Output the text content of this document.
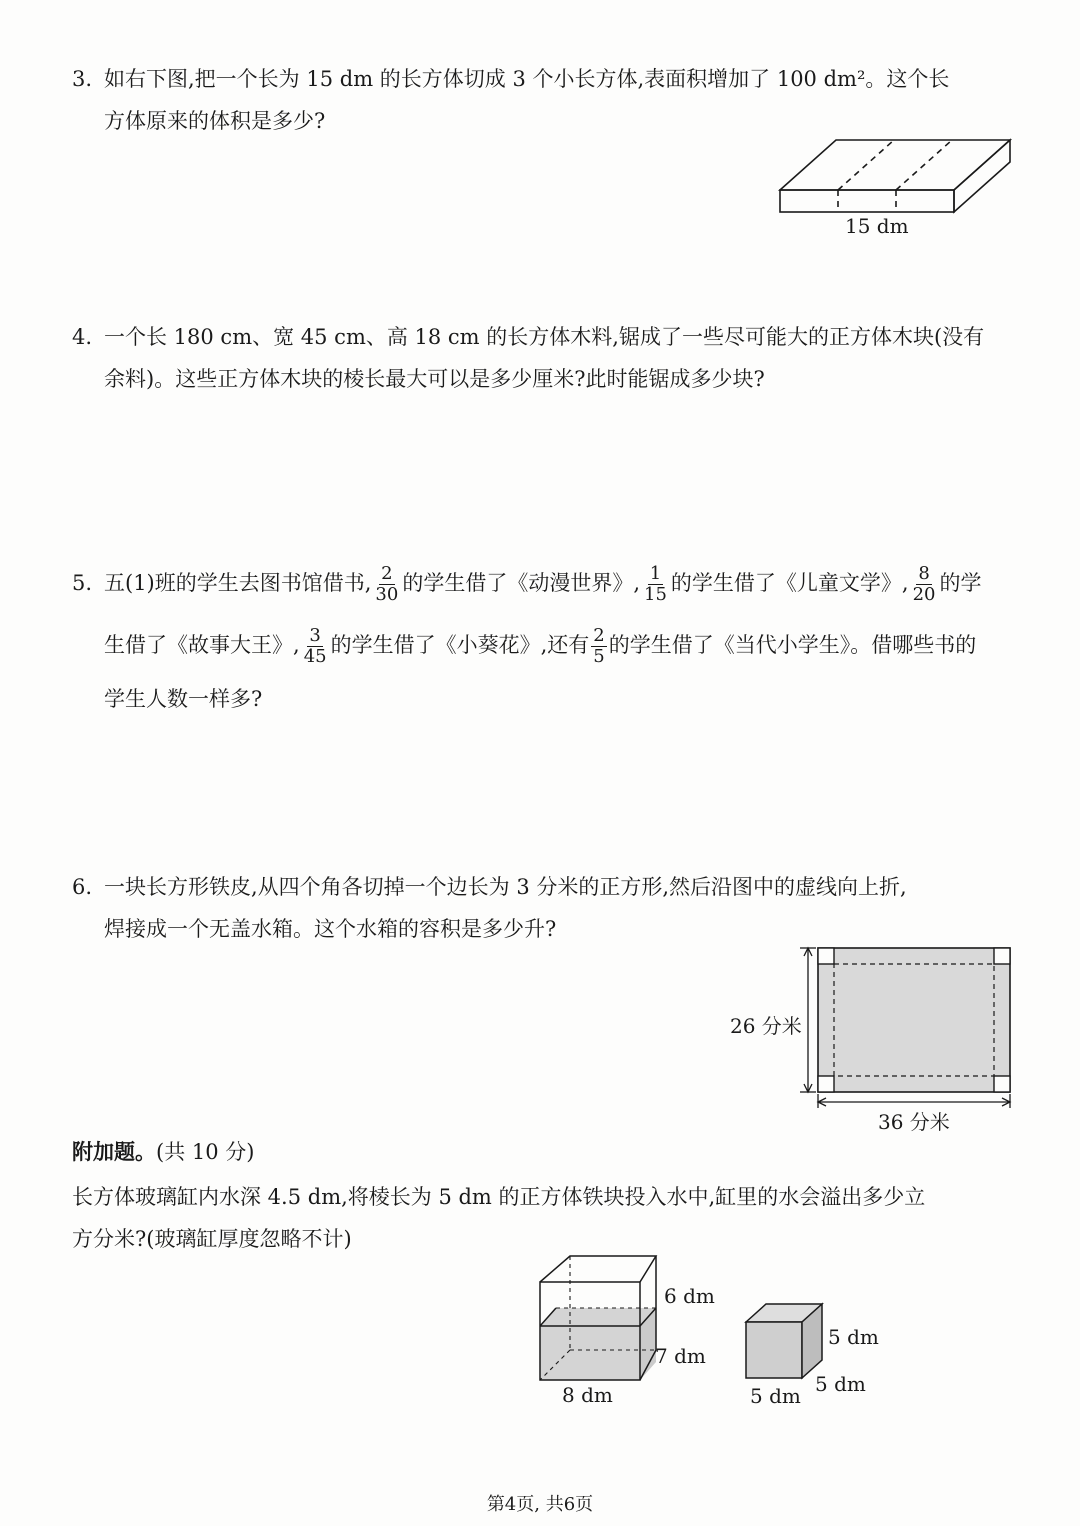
3. 如右下图,把一个长为 15 dm 的长方体切成 3 个小长方体,表面积增加了 100 dm²。这个长
方体原来的体积是多少?
15 dm
4. 一个长 180 cm、宽 45 cm、高 18 cm 的长方体木料,锯成了一些尽可能大的正方体木块(没有
余料)。这些正方体木块的棱长最大可以是多少厘米?此时能锯成多少块?
5. 五(1)班的学生去图书馆借书, $\frac{2}{30}$ 的学生借了《动漫世界》, $\frac{1}{15}$ 的学生借了《儿童文学》, $\frac{8}{20}$ 的学
生借了《故事大王》, $\frac{3}{45}$ 的学生借了《小葵花》,还有 $\frac{2}{5}$ 的学生借了《当代小学生》。借哪些书的
学生人数一样多?
6. 一块长方形铁皮,从四个角各切掉一个边长为 3 分米的正方形,然后沿图中的虚线向上折,
焊接成一个无盖水箱。这个水箱的容积是多少升?
26 分米
36 分米
附加题。(共 10 分)
长方体玻璃缸内水深 4.5 dm,将棱长为 5 dm 的正方体铁块投入水中,缸里的水会溢出多少立
方分米?(玻璃缸厚度忽略不计)
6 dm
7 dm
8 dm
5 dm
5 dm
5 dm
第4页, 共6页
